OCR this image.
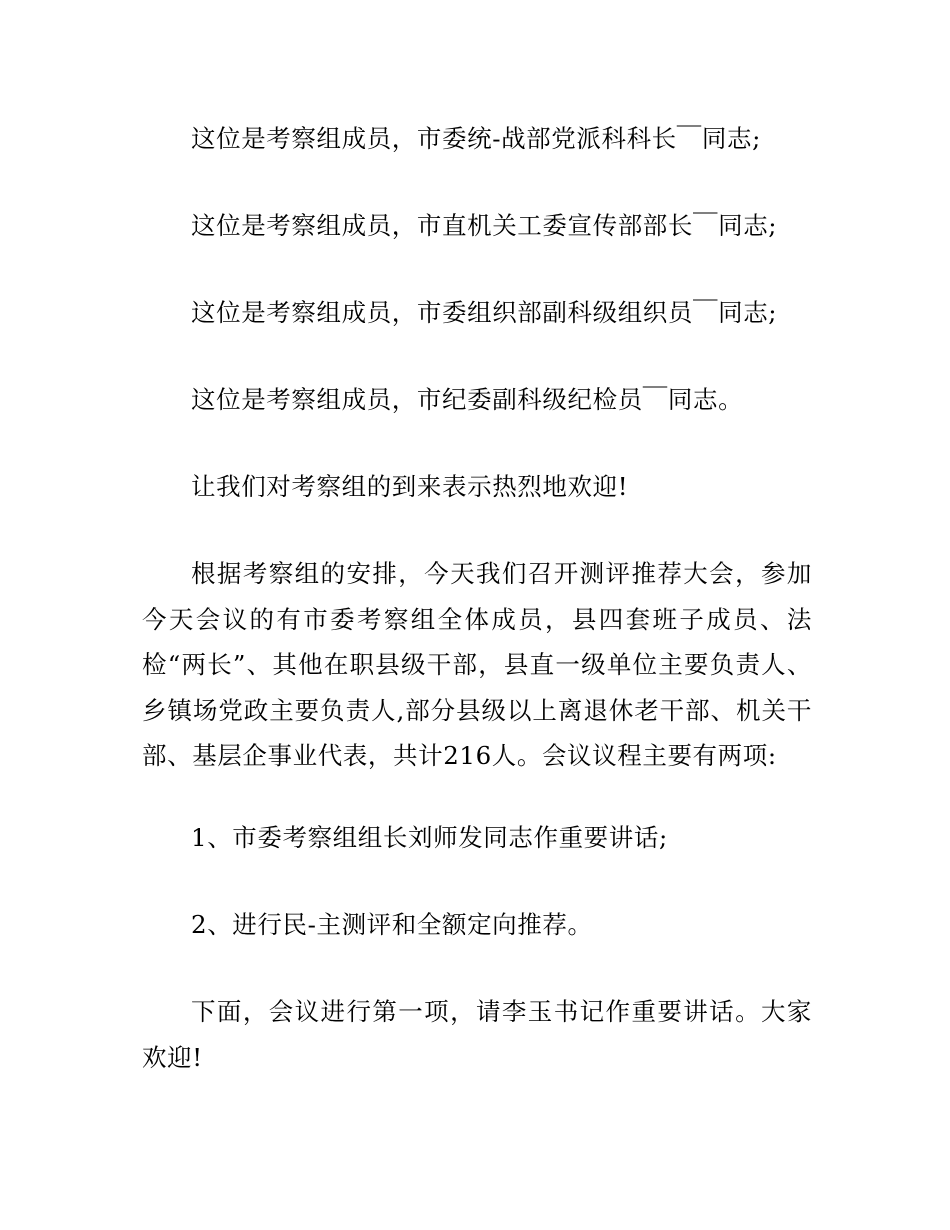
这位是考察组成员，市委统-战部党派科科长￣同志;

这位是考察组成员，市直机关工委宣传部部长￣同志;

这位是考察组成员，市委组织部副科级组织员￣同志;

这位是考察组成员，市纪委副科级纪检员￣同志。

让我们对考察组的到来表示热烈地欢迎!

根据考察组的安排，今天我们召开测评推荐大会，参加今天会议的有市委考察组全体成员，县四套班子成员、法检“两长”、其他在职县级干部，县直一级单位主要负责人、乡镇场党政主要负责人,部分县级以上离退休老干部、机关干部、基层企事业代表，共计216人。会议议程主要有两项:

1、市委考察组组长刘师发同志作重要讲话;

2、进行民-主测评和全额定向推荐。

下面，会议进行第一项，请李玉书记作重要讲话。大家欢迎!
